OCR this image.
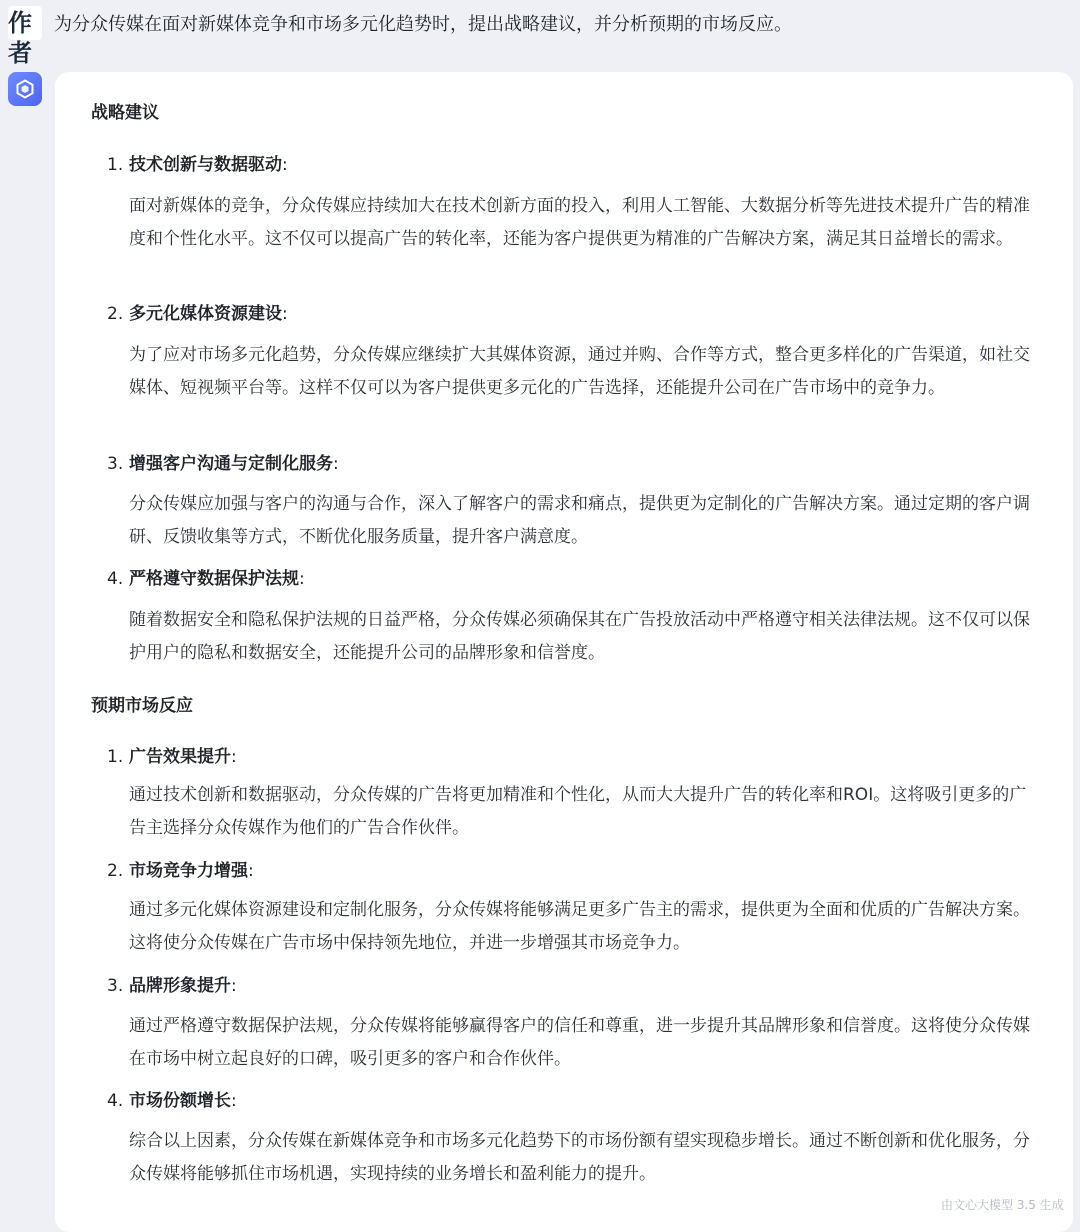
作者
为分众传媒在面对新媒体竞争和市场多元化趋势时，提出战略建议，并分析预期的市场反应。
战略建议
1. 技术创新与数据驱动:
面对新媒体的竞争，分众传媒应持续加大在技术创新方面的投入，利用人工智能、大数据分析等先进技术提升广告的精准度和个性化水平。这不仅可以提高广告的转化率，还能为客户提供更为精准的广告解决方案，满足其日益增长的需求。
2. 多元化媒体资源建设:
为了应对市场多元化趋势，分众传媒应继续扩大其媒体资源，通过并购、合作等方式，整合更多样化的广告渠道，如社交媒体、短视频平台等。这样不仅可以为客户提供更多元化的广告选择，还能提升公司在广告市场中的竞争力。
3. 增强客户沟通与定制化服务:
分众传媒应加强与客户的沟通与合作，深入了解客户的需求和痛点，提供更为定制化的广告解决方案。通过定期的客户调研、反馈收集等方式，不断优化服务质量，提升客户满意度。
4. 严格遵守数据保护法规:
随着数据安全和隐私保护法规的日益严格，分众传媒必须确保其在广告投放活动中严格遵守相关法律法规。这不仅可以保护用户的隐私和数据安全，还能提升公司的品牌形象和信誉度。
预期市场反应
1. 广告效果提升:
通过技术创新和数据驱动，分众传媒的广告将更加精准和个性化，从而大大提升广告的转化率和ROI。这将吸引更多的广告主选择分众传媒作为他们的广告合作伙伴。
2. 市场竞争力增强:
通过多元化媒体资源建设和定制化服务，分众传媒将能够满足更多广告主的需求，提供更为全面和优质的广告解决方案。这将使分众传媒在广告市场中保持领先地位，并进一步增强其市场竞争力。
3. 品牌形象提升:
通过严格遵守数据保护法规，分众传媒将能够赢得客户的信任和尊重，进一步提升其品牌形象和信誉度。这将使分众传媒在市场中树立起良好的口碑，吸引更多的客户和合作伙伴。
4. 市场份额增长:
综合以上因素，分众传媒在新媒体竞争和市场多元化趋势下的市场份额有望实现稳步增长。通过不断创新和优化服务，分众传媒将能够抓住市场机遇，实现持续的业务增长和盈利能力的提升。
由文心大模型 3.5 生成
